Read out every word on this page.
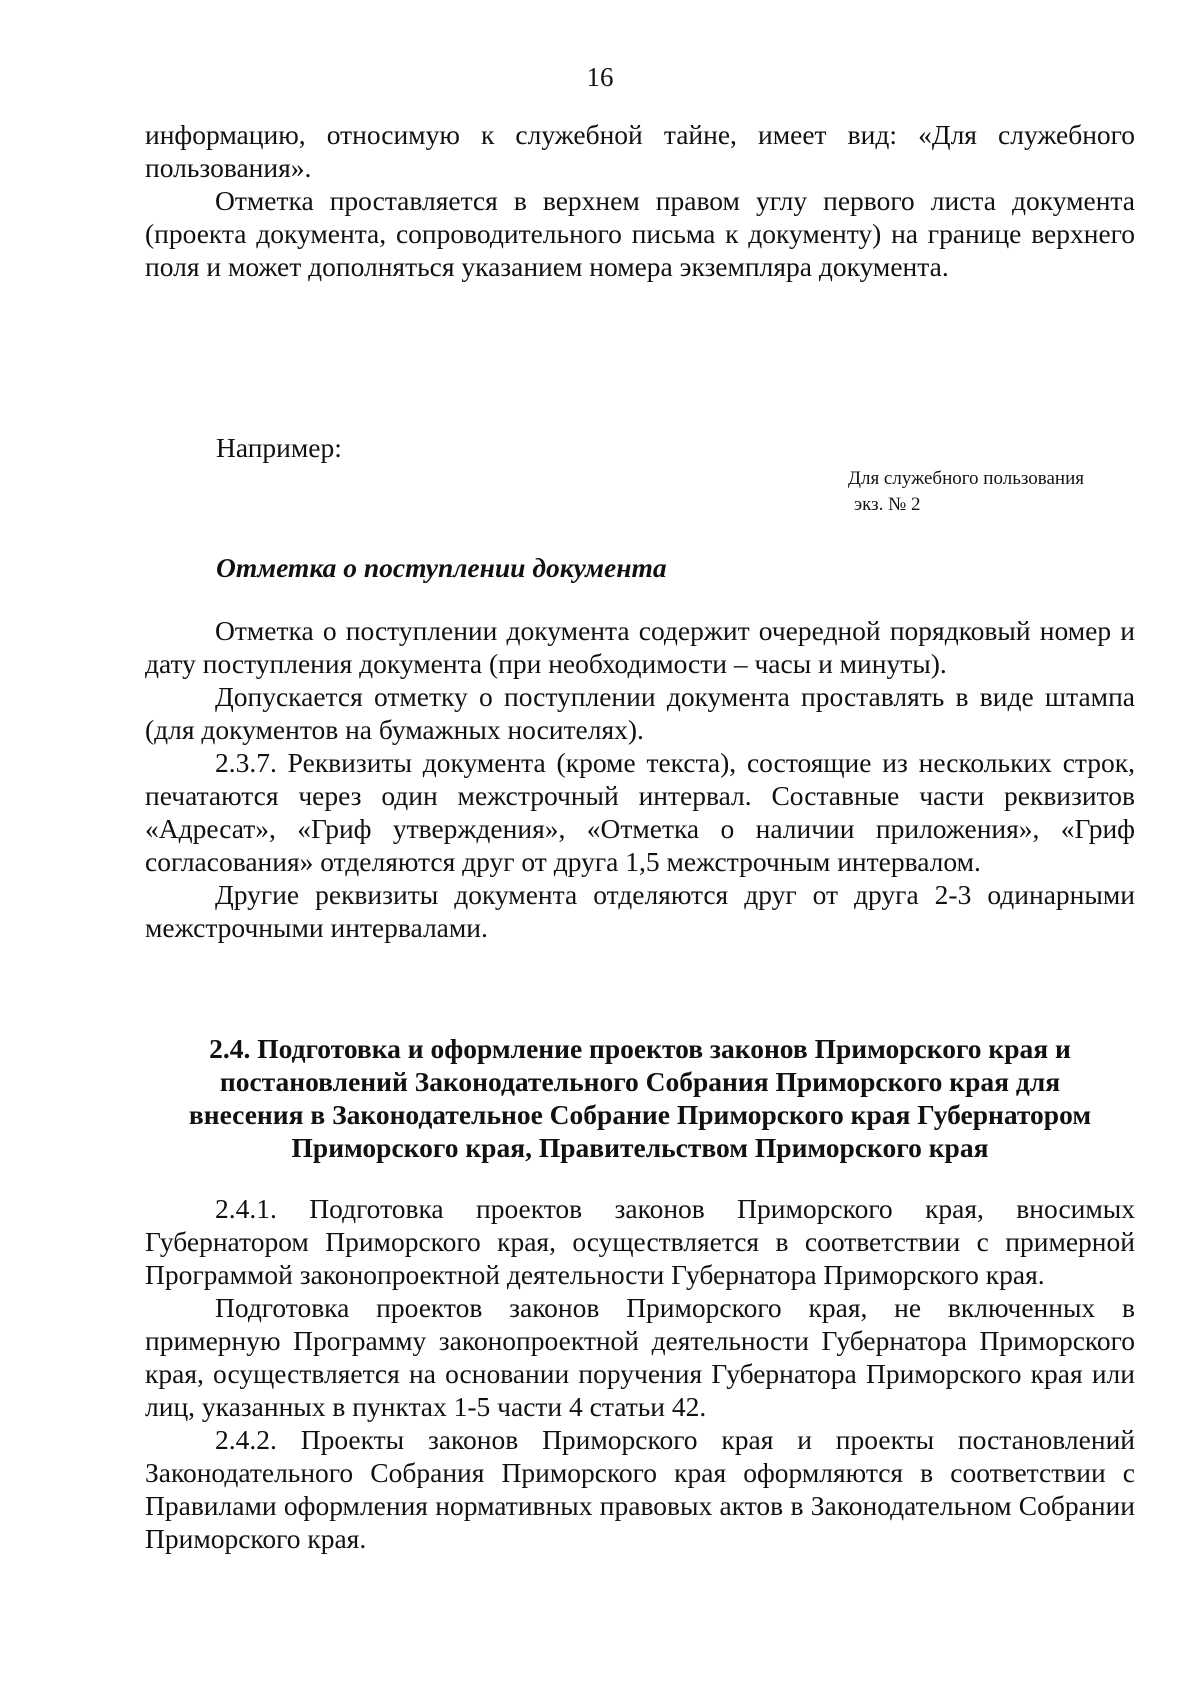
16

информацию, относимую к служебной тайне, имеет вид: «Для служебного пользования».

Отметка проставляется в верхнем правом углу первого листа документа (проекта документа, сопроводительного письма к документу) на границе верхнего поля и может дополняться указанием номера экземпляра документа.

Например:
Для служебного пользования
экз. № 2
Отметка о поступлении документа

Отметка о поступлении документа содержит очередной порядковый номер и дату поступления документа (при необходимости – часы и минуты).

Допускается отметку о поступлении документа проставлять в виде штампа (для документов на бумажных носителях).

2.3.7. Реквизиты документа (кроме текста), состоящие из нескольких строк, печатаются через один межстрочный интервал. Составные части реквизитов «Адресат», «Гриф утверждения», «Отметка о наличии приложения», «Гриф согласования» отделяются друг от друга 1,5 межстрочным интервалом.

Другие реквизиты документа отделяются друг от друга 2-3 одинарными межстрочными интервалами.

2.4. Подготовка и оформление проектов законов Приморского края и
постановлений Законодательного Собрания Приморского края для
внесения в Законодательное Собрание Приморского края Губернатором
Приморского края, Правительством Приморского края

2.4.1. Подготовка проектов законов Приморского края, вносимых Губернатором Приморского края, осуществляется в соответствии с примерной Программой законопроектной деятельности Губернатора Приморского края.

Подготовка проектов законов Приморского края, не включенных в примерную Программу законопроектной деятельности Губернатора Приморского края, осуществляется на основании поручения Губернатора Приморского края или лиц, указанных в пунктах 1-5 части 4 статьи 42.

2.4.2. Проекты законов Приморского края и проекты постановлений Законодательного Собрания Приморского края оформляются в соответствии с Правилами оформления нормативных правовых актов в Законодательном Собрании Приморского края.
